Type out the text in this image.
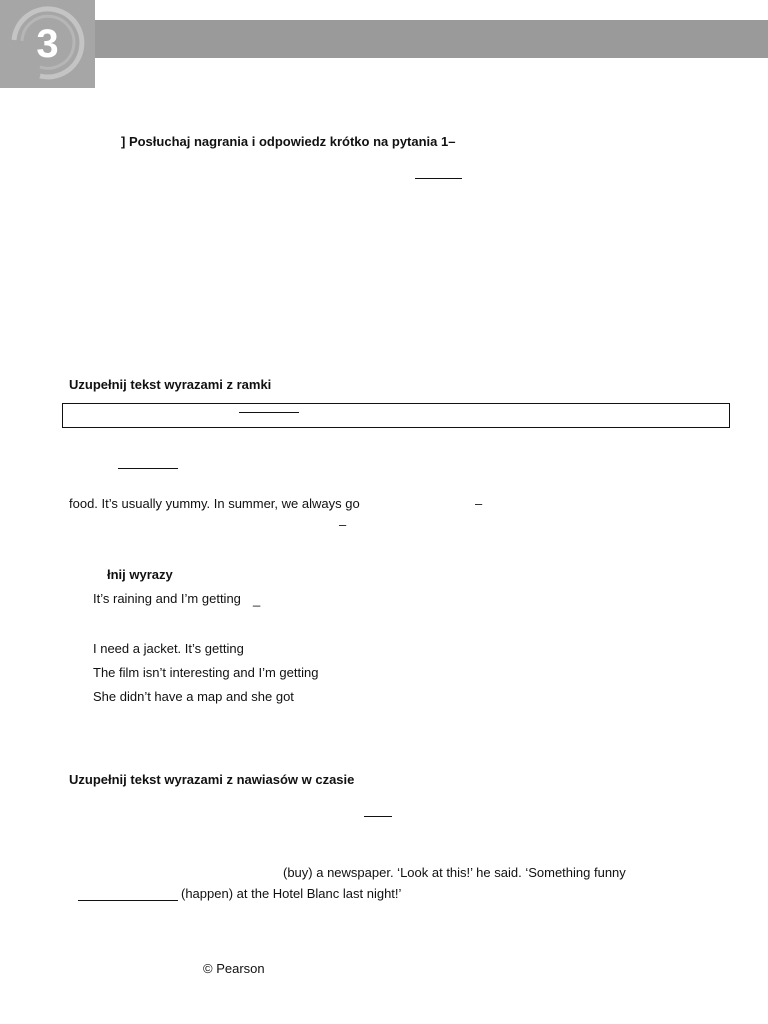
3
] Posłuchaj nagrania i odpowiedz krótko na pytania 1–
Uzupełnij tekst wyrazami z ramki
food. It’s usually yummy. In summer, we always go	–
–
łnij wyrazy
It’s raining and I’m getting _
I need a jacket. It’s getting
The film isn’t interesting and I’m getting
She didn’t have a map and she got
Uzupełnij tekst wyrazami z nawiasów w czasie
(buy) a newspaper. ‘Look at this!’ he said. ‘Something funny
(happen) at the Hotel Blanc last night!’
© Pearson
